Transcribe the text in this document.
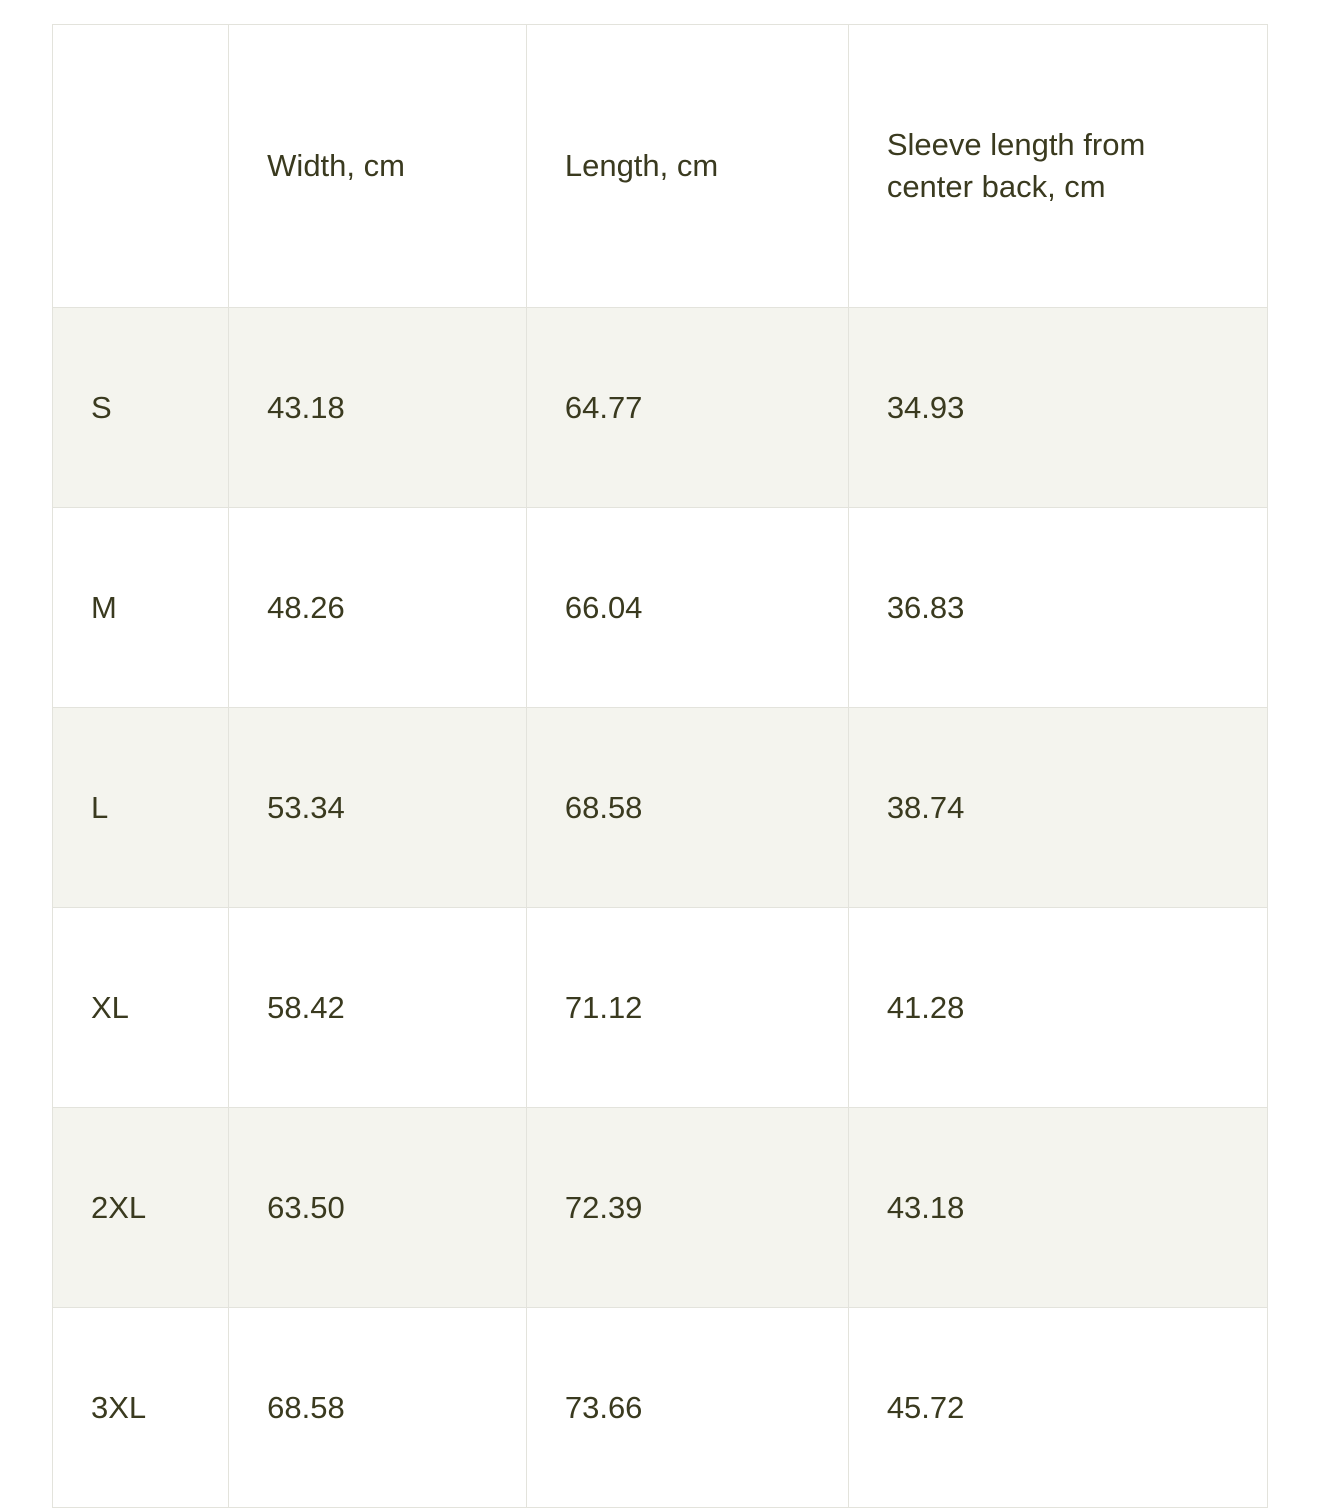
	Width, cm	Length, cm	Sleeve length from center back, cm

S	43.18	64.77	34.93

M	48.26	66.04	36.83

L	53.34	68.58	38.74

XL	58.42	71.12	41.28

2XL	63.50	72.39	43.18

3XL	68.58	73.66	45.72
